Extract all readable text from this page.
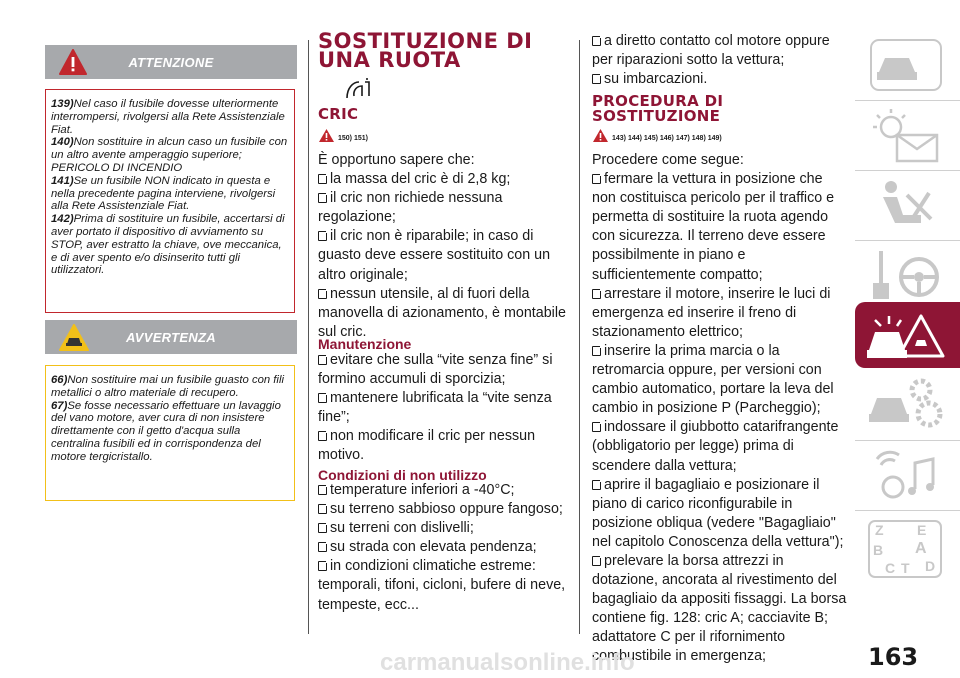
ATTENZIONE

139)Nel caso il fusibile dovesse ulteriormente interrompersi, rivolgersi alla Rete Assistenziale Fiat.

140)Non sostituire in alcun caso un fusibile con un altro avente amperaggio superiore; PERICOLO DI INCENDIO

141)Se un fusibile NON indicato in questa e nella precedente pagina interviene, rivolgersi alla Rete Assistenziale Fiat.

142)Prima di sostituire un fusibile, accertarsi di aver portato il dispositivo di avviamento su STOP, aver estratto la chiave, ove meccanica, e di aver spento e/o disinserito tutti gli utilizzatori.

AVVERTENZA

66)Non sostituire mai un fusibile guasto con fili metallici o altro materiale di recupero.

67)Se fosse necessario effettuare un lavaggio del vano motore, aver cura di non insistere direttamente con il getto d'acqua sulla centralina fusibili ed in corrispondenza del motore tergicristallo.

SOSTITUZIONE DI
UNA RUOTA
CRIC
150) 151)

È opportuno sapere che:

la massa del cric è di 2,8 kg;

il cric non richiede nessuna regolazione;

il cric non è riparabile; in caso di guasto deve essere sostituito con un altro originale;

nessun utensile, al di fuori della manovella di azionamento, è montabile sul cric.

Manutenzione

evitare che sulla “vite senza fine” si formino accumuli di sporcizia;

mantenere lubrificata la “vite senza fine”;

non modificare il cric per nessun motivo.

Condizioni di non utilizzo

temperature inferiori a -40°C;

su terreno sabbioso oppure fangoso;

su terreni con dislivelli;

su strada con elevata pendenza;

in condizioni climatiche estreme: temporali, tifoni, cicloni, bufere di neve, tempeste, ecc...

a diretto contatto col motore oppure per riparazioni sotto la vettura;

su imbarcazioni.

PROCEDURA DI
SOSTITUZIONE
143) 144) 145) 146) 147) 148) 149)

Procedere come segue:

fermare la vettura in posizione che non costituisca pericolo per il traffico e permetta di sostituire la ruota agendo con sicurezza. Il terreno deve essere possibilmente in piano e sufficientemente compatto;

arrestare il motore, inserire le luci di emergenza ed inserire il freno di stazionamento elettrico;

inserire la prima marcia o la retromarcia oppure, per versioni con cambio automatico, portare la leva del cambio in posizione P (Parcheggio);

indossare il giubbotto catarifrangente (obbligatorio per legge) prima di scendere dalla vettura;

aprire il bagagliaio e posizionare il piano di carico riconfigurabile in posizione obliqua (vedere "Bagagliaio" nel capitolo Conoscenza della vettura");

prelevare la borsa attrezzi in dotazione, ancorata al rivestimento del bagagliaio da appositi fissaggi. La borsa contiene fig. 128: cric A; cacciavite B; adattatore C per il rifornimento combustibile in emergenza;

Z E
B A
C T D
carmanualsonline.info	163
